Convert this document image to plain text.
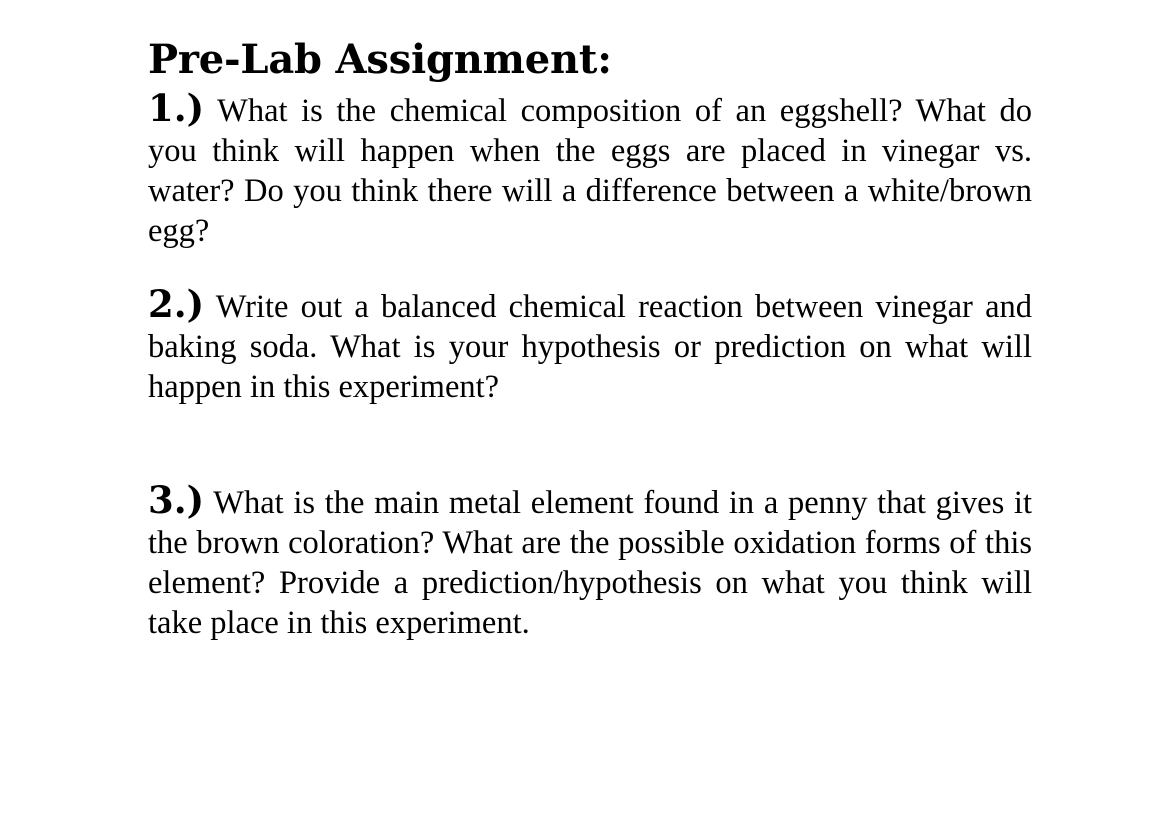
Pre-Lab Assignment:

1.) What is the chemical composition of an eggshell? What do you think will happen when the eggs are placed in vinegar vs. water? Do you think there will a difference between a white/brown egg?

2.) Write out a balanced chemical reaction between vinegar and baking soda. What is your hypothesis or prediction on what will happen in this experiment?

3.) What is the main metal element found in a penny that gives it the brown coloration? What are the possible oxidation forms of this element? Provide a prediction/hypothesis on what you think will take place in this experiment.
